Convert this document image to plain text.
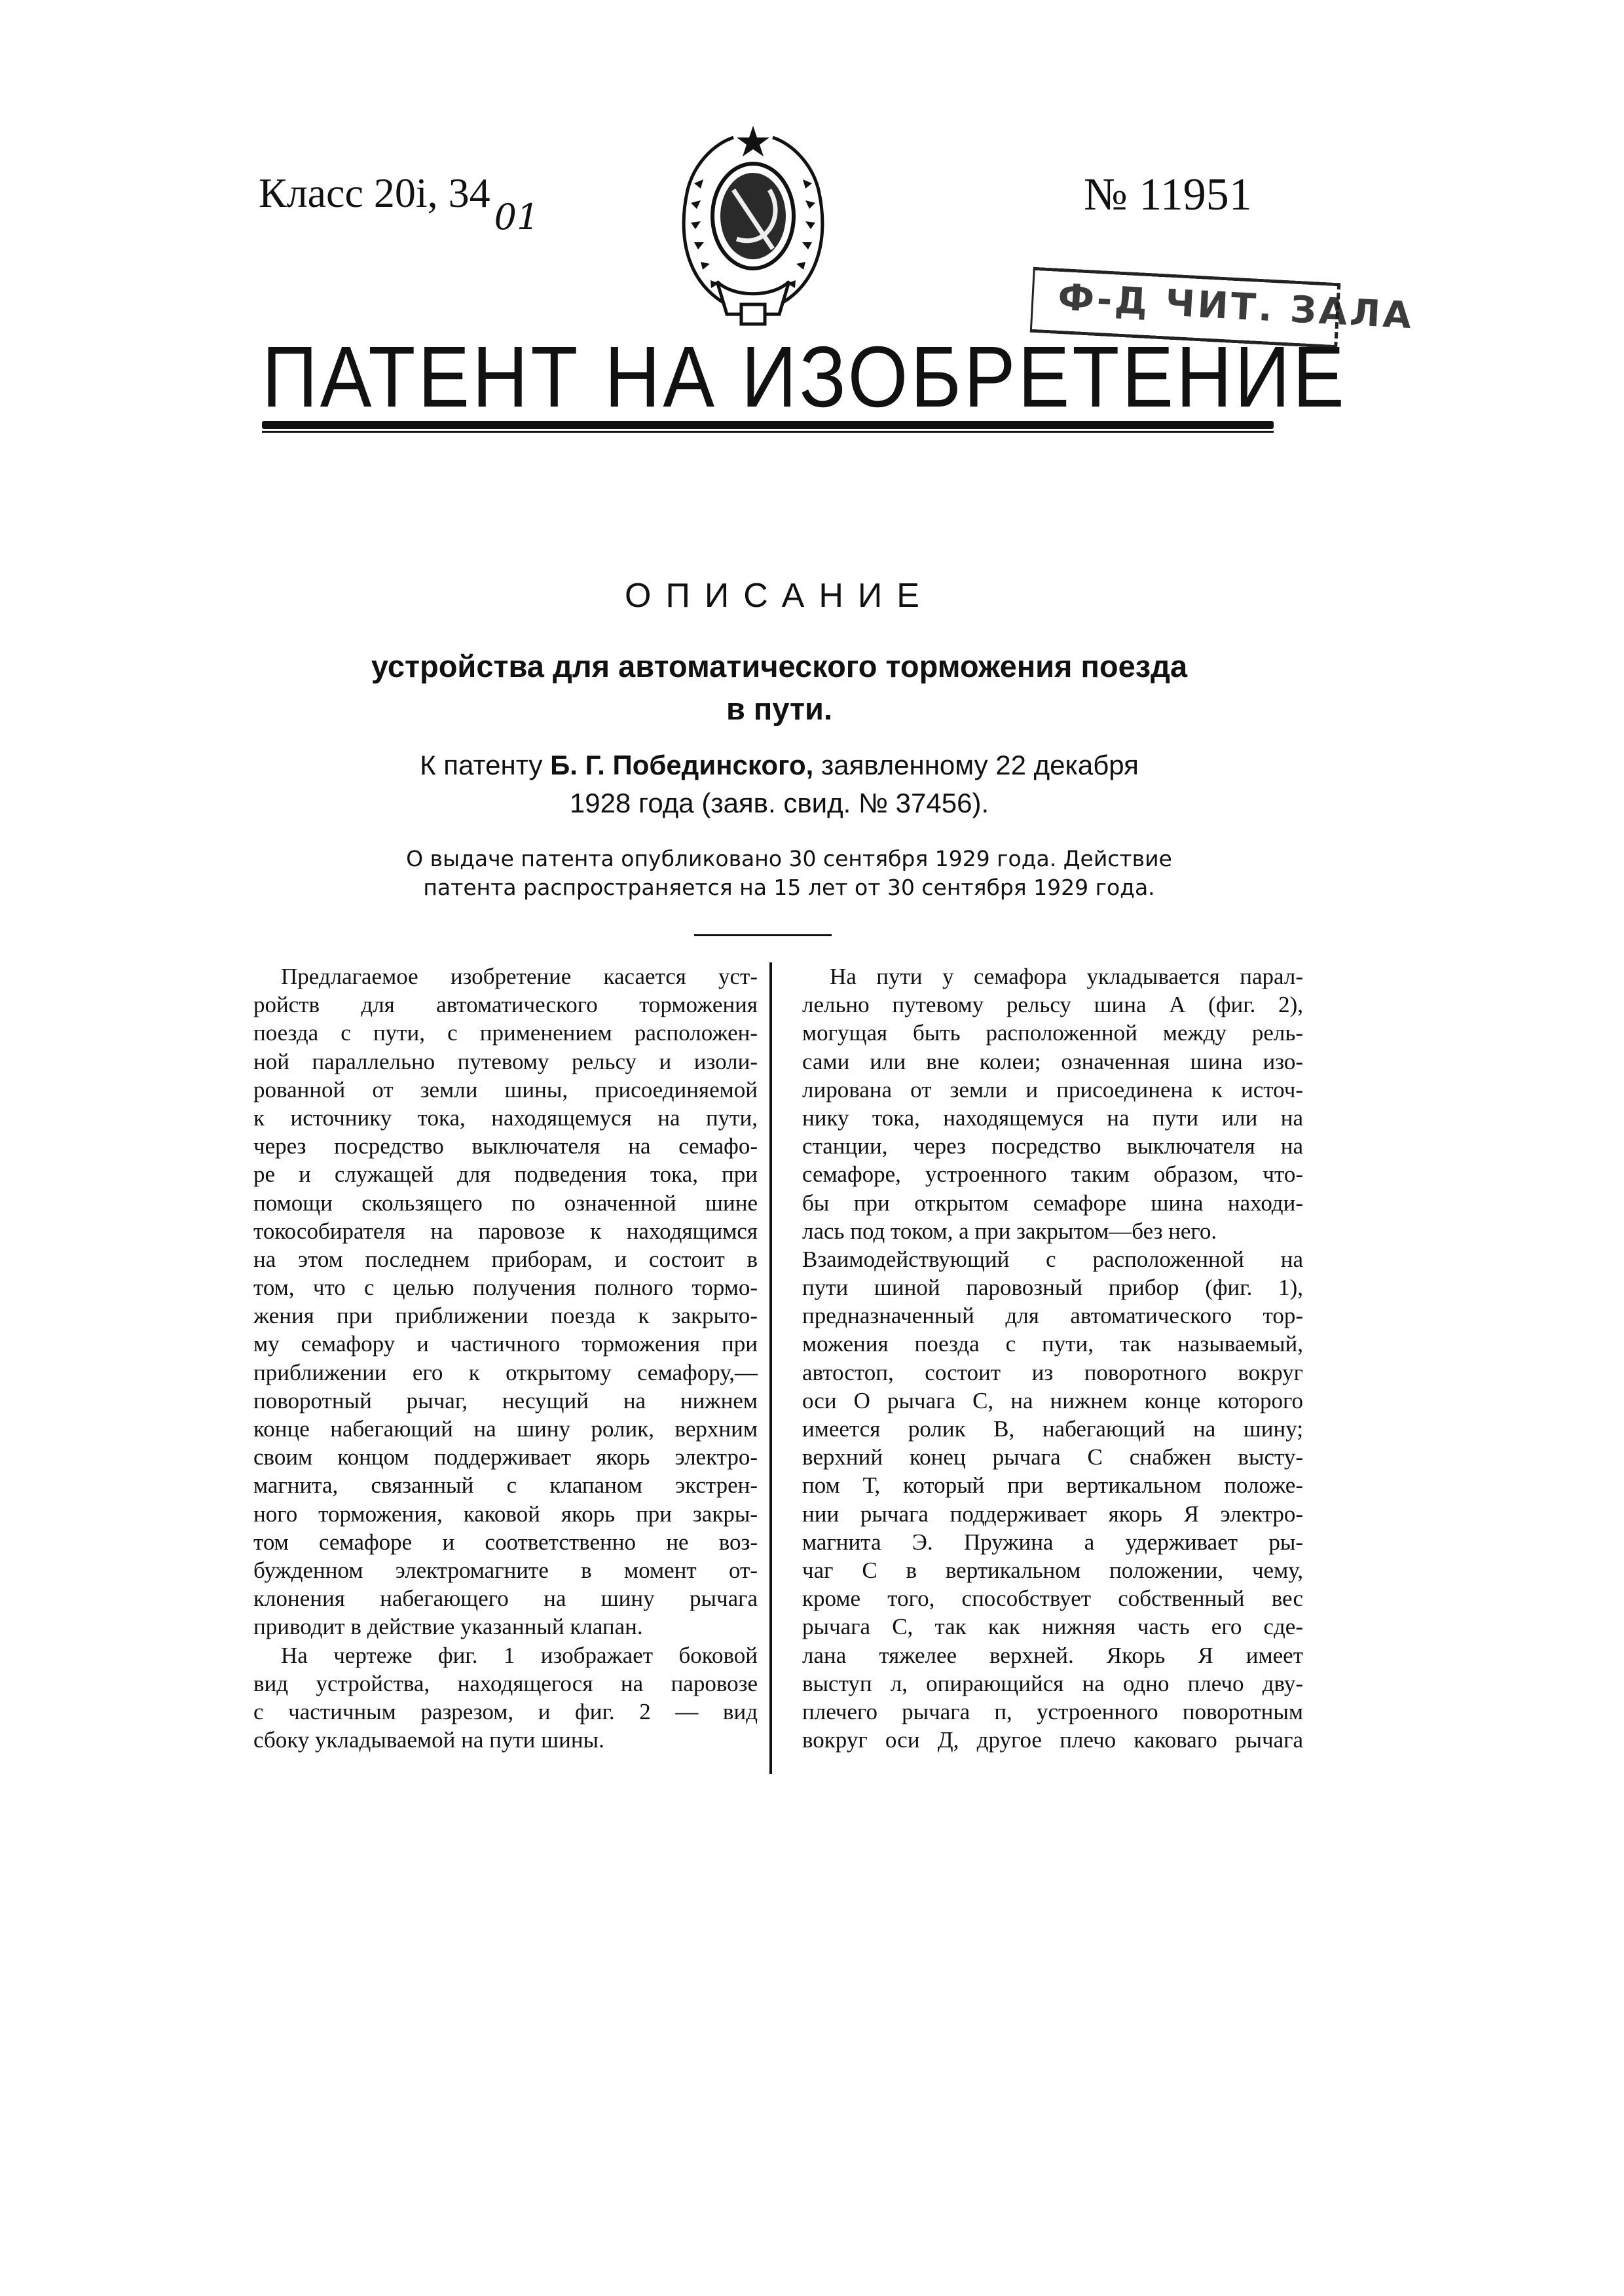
Класс 20i, 3401	№ 11951
Ф-Д ЧИТ. ЗАЛА
ПАТЕНТ НА ИЗОБРЕТЕНИЕ
ОПИСАНИЕ
устройства для автоматического торможения поезда
в пути.
К патенту Б. Г. Побединского, заявленному 22 декабря
1928 года (заяв. свид. № 37456).
О выдаче патента опубликовано 30 сентября 1929 года. Действие
патента распространяется на 15 лет от 30 сентября 1929 года.
Предлагаемое изобретение касается уст-
ройств для автоматического торможения
поезда с пути, с применением расположен-
ной параллельно путевому рельсу и изоли-
рованной от земли шины, присоединяемой
к источнику тока, находящемуся на пути,
через посредство выключателя на семафо-
ре и служащей для подведения тока, при
помощи скользящего по означенной шине
токособирателя на паровозе к находящимся
на этом последнем приборам, и состоит в
том, что с целью получения полного тормо-
жения при приближении поезда к закрыто-
му семафору и частичного торможения при
приближении его к открытому семафору,—
поворотный рычаг, несущий на нижнем
конце набегающий на шину ролик, верхним
своим концом поддерживает якорь электро-
магнита, связанный с клапаном экстрен-
ного торможения, каковой якорь при закры-
том семафоре и соответственно не воз-
бужденном электромагните в момент от-
клонения набегающего на шину рычага
приводит в действие указанный клапан.
На чертеже фиг. 1 изображает боковой
вид устройства, находящегося на паровозе
с частичным разрезом, и фиг. 2 — вид
сбоку укладываемой на пути шины.
На пути у семафора укладывается парал-
лельно путевому рельсу шина А (фиг. 2),
могущая быть расположенной между рель-
сами или вне колеи; означенная шина изо-
лирована от земли и присоединена к источ-
нику тока, находящемуся на пути или на
станции, через посредство выключателя на
семафоре, устроенного таким образом, что-
бы при открытом семафоре шина находи-
лась под током, а при закрытом—без него.
Взаимодействующий с расположенной на
пути шиной паровозный прибор (фиг. 1),
предназначенный для автоматического тор-
можения поезда с пути, так называемый,
автостоп, состоит из поворотного вокруг
оси О рычага С, на нижнем конце которого
имеется ролик В, набегающий на шину;
верхний конец рычага С снабжен высту-
пом Т, который при вертикальном положе-
нии рычага поддерживает якорь Я электро-
магнита Э. Пружина а удерживает ры-
чаг С в вертикальном положении, чему,
кроме того, способствует собственный вес
рычага С, так как нижняя часть его сде-
лана тяжелее верхней. Якорь Я имеет
выступ л, опирающийся на одно плечо дву-
плечего рычага п, устроенного поворотным
вокруг оси Д, другое плечо каковаго рычага
